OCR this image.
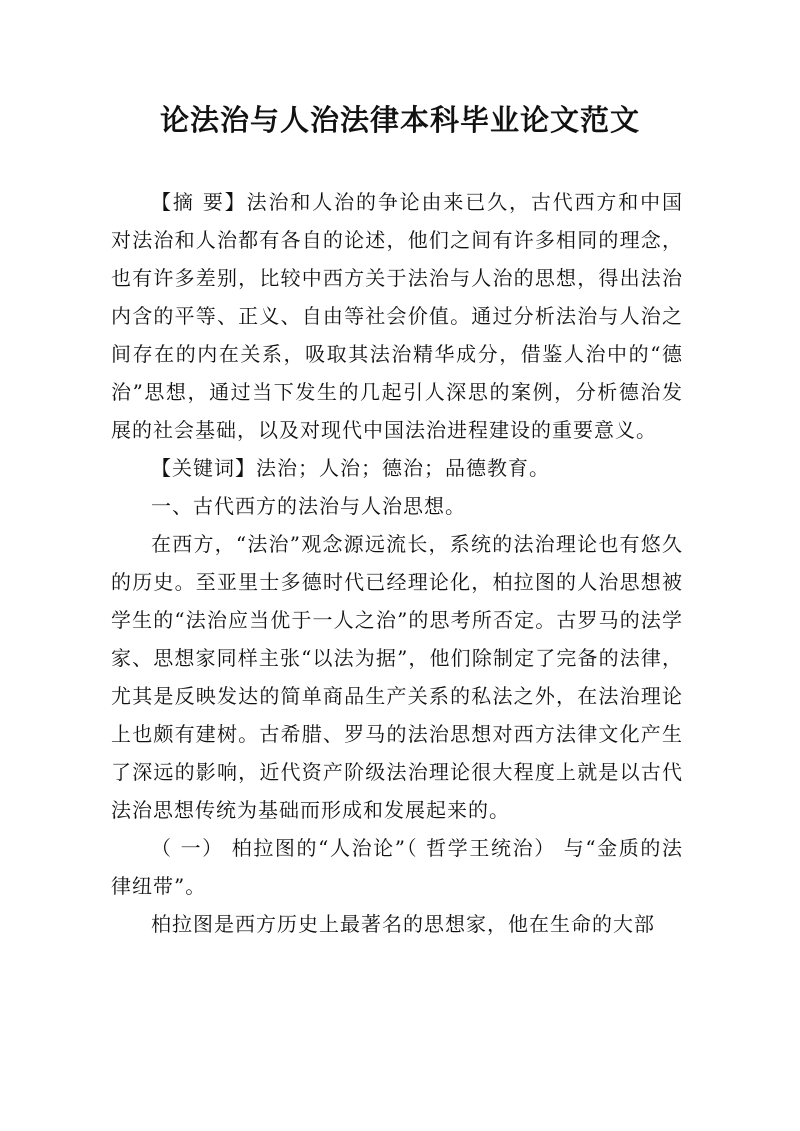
论法治与人治法律本科毕业论文范文

【摘 要】法治和人治的争论由来已久，古代西方和中国对法治和人治都有各自的论述，他们之间有许多相同的理念，也有许多差别，比较中西方关于法治与人治的思想，得出法治内含的平等、正义、自由等社会价值。通过分析法治与人治之间存在的内在关系，吸取其法治精华成分，借鉴人治中的“德治”思想，通过当下发生的几起引人深思的案例，分析德治发展的社会基础，以及对现代中国法治进程建设的重要意义。

【关键词】法治；人治；德治；品德教育。

一、古代西方的法治与人治思想。

在西方，“法治”观念源远流长，系统的法治理论也有悠久的历史。至亚里士多德时代已经理论化，柏拉图的人治思想被学生的“法治应当优于一人之治”的思考所否定。古罗马的法学家、思想家同样主张“以法为据”，他们除制定了完备的法律，尤其是反映发达的简单商品生产关系的私法之外，在法治理论上也颇有建树。古希腊、罗马的法治思想对西方法律文化产生了深远的影响，近代资产阶级法治理论很大程度上就是以古代法治思想传统为基础而形成和发展起来的。

（ 一） 柏拉图的“人治论”（ 哲学王统治） 与“金质的法律纽带”。

柏拉图是西方历史上最著名的思想家，他在生命的大部
